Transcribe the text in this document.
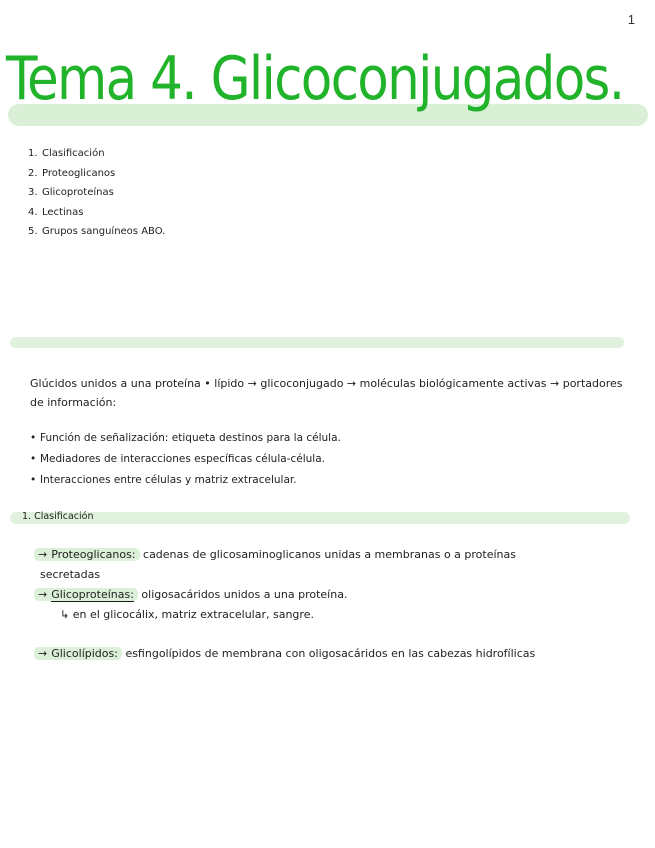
1
Tema 4. Glicoconjugados.
1. Clasificación
2. Proteoglicanos
3. Glicoproteínas
4. Lectinas
5. Grupos sanguíneos ABO.

Glúcidos unidos a una proteína • lípido → glicoconjugado → moléculas biológicamente activas → portadores de información:

• Función de señalización: etiqueta destinos para la célula.
• Mediadores de interacciones específicas célula-célula.
• Interacciones entre células y matriz extracelular.
1. Clasificación
→ Proteoglicanos: cadenas de glicosaminoglicanos unidas a membranas o a proteínas
secretadas
→ Glicoproteínas: oligosacáridos unidos a una proteína.
↳ en el glicocálix, matriz extracelular, sangre.
→ Glicolípidos: esfingolípidos de membrana con oligosacáridos en las cabezas hidrofílicas
